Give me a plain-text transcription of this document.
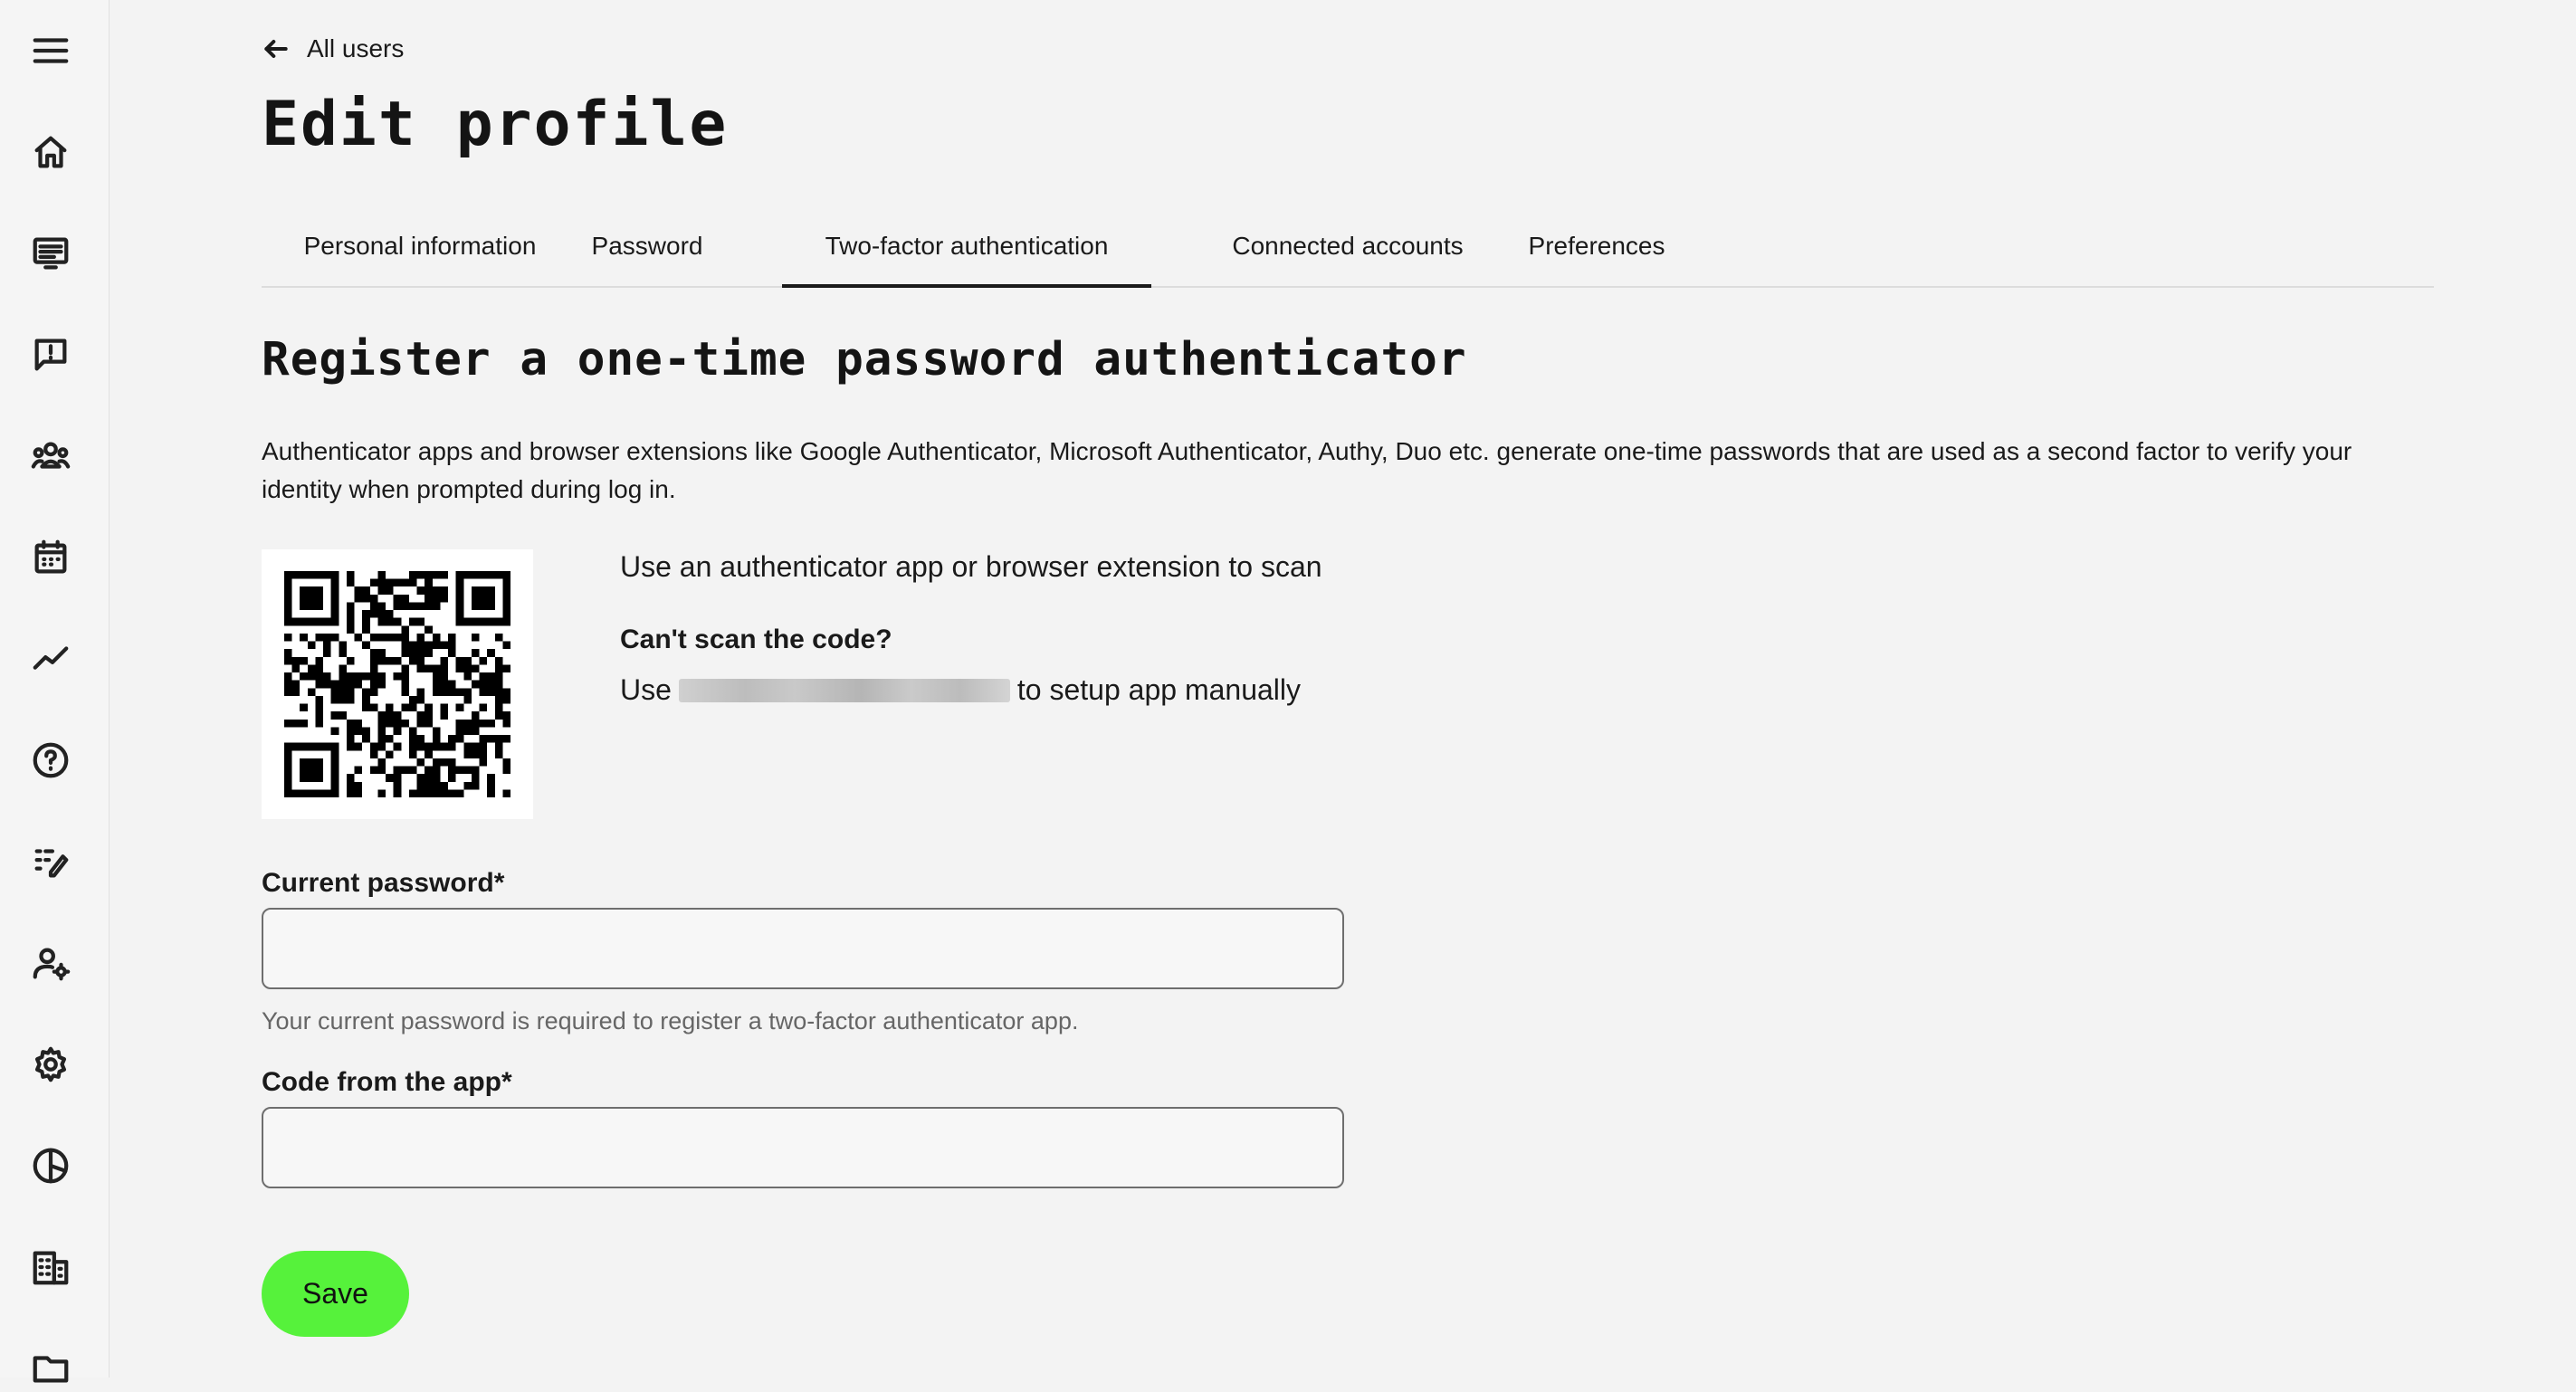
All users
Edit profile
Personal information Password	Two-factor authentication	Connected accounts	Preferences
Register a one-time password authenticator

Authenticator apps and browser extensions like Google Authenticator, Microsoft Authenticator, Authy, Duo etc. generate one-time passwords that are used as a second factor to verify your identity when prompted during log in.

Use an authenticator app or browser extension to scan

Can't scan the code?

Use	to setup app manually
Current password*

Your current password is required to register a two-factor authenticator app.

Code from the app*
Save
